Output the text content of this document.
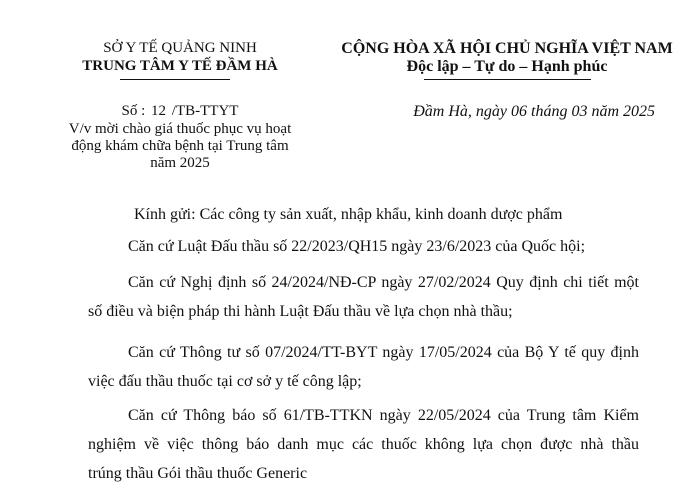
SỞ Y TẾ QUẢNG NINH
TRUNG TÂM Y TẾ ĐẦM HÀ
CỘNG HÒA XÃ HỘI CHỦ NGHĨA VIỆT NAM
Độc lập – Tự do – Hạnh phúc
Số : 12 /TB-TTYT
V/v mời chào giá thuốc phục vụ hoạt
động khám chữa bệnh tại Trung tâm
năm 2025
Đầm Hà, ngày 06 tháng 03 năm 2025
Kính gửi: Các công ty sản xuất, nhập khẩu, kinh doanh dược phẩm
Căn cứ Luật Đấu thầu số 22/2023/QH15 ngày 23/6/2023 của Quốc hội;
Căn cứ Nghị định số 24/2024/NĐ-CP ngày 27/02/2024 Quy định chi tiết một
số điều và biện pháp thi hành Luật Đấu thầu về lựa chọn nhà thầu;
Căn cứ Thông tư số 07/2024/TT-BYT ngày 17/05/2024 của Bộ Y tế quy định
việc đấu thầu thuốc tại cơ sở y tế công lập;
Căn cứ Thông báo số 61/TB-TTKN ngày 22/05/2024 của Trung tâm Kiểm
nghiệm về việc thông báo danh mục các thuốc không lựa chọn được nhà thầu
trúng thầu Gói thầu thuốc Generic
